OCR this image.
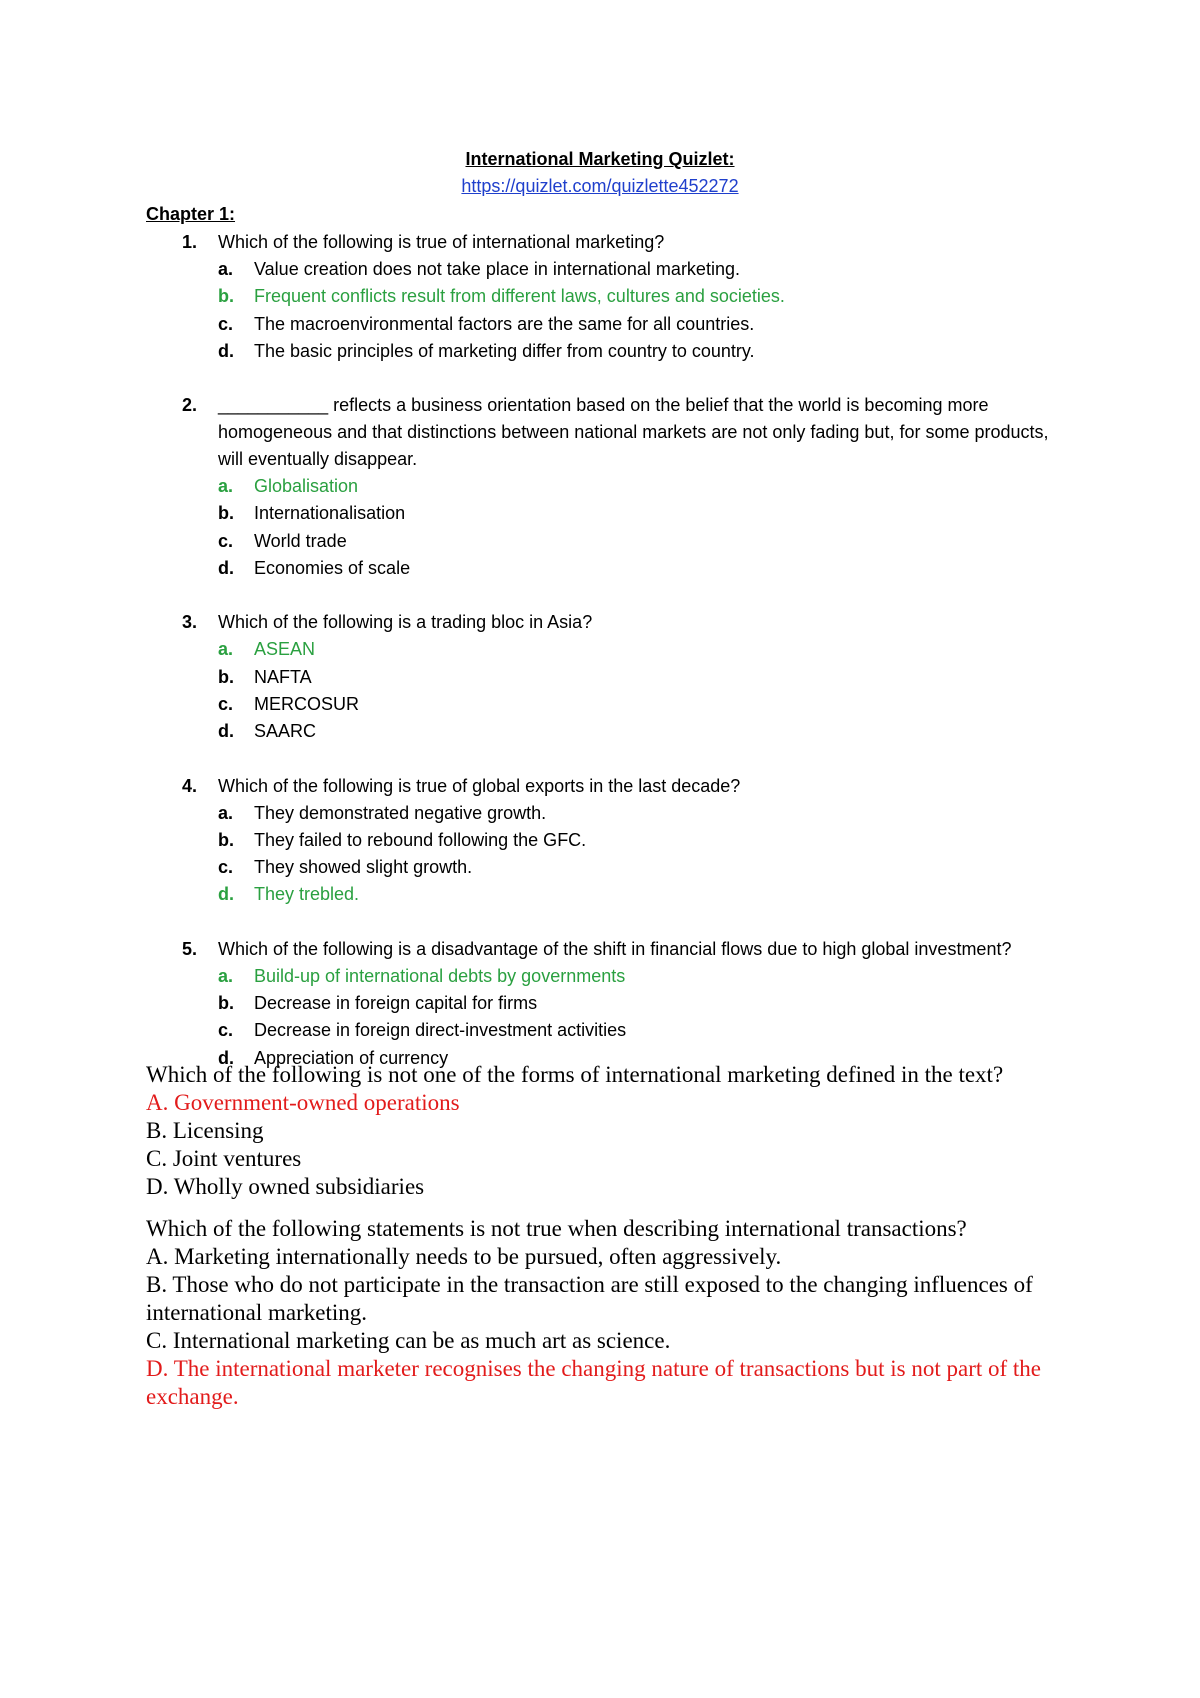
International Marketing Quizlet:
https://quizlet.com/quizlette452272
Chapter 1:
1.	Which of the following is true of international marketing?
a.	Value creation does not take place in international marketing.
b.	Frequent conflicts result from different laws, cultures and societies.
c.	The macroenvironmental factors are the same for all countries.
d.	The basic principles of marketing differ from country to country.
2.	___________ reflects a business orientation based on the belief that the world is becoming more homogeneous and that distinctions between national markets are not only fading but, for some products, will eventually disappear.
a.	Globalisation
b.	Internationalisation
c.	World trade
d.	Economies of scale
3.	Which of the following is a trading bloc in Asia?
a.	ASEAN
b.	NAFTA
c.	MERCOSUR
d.	SAARC
4.	Which of the following is true of global exports in the last decade?
a.	They demonstrated negative growth.
b.	They failed to rebound following the GFC.
c.	They showed slight growth.
d.	They trebled.
5.	Which of the following is a disadvantage of the shift in financial flows due to high global investment?
a.	Build-up of international debts by governments
b.	Decrease in foreign capital for firms
c.	Decrease in foreign direct-investment activities
d.	Appreciation of currency
Which of the following is not one of the forms of international marketing defined in the text?
A. Government-owned operations
B. Licensing
C. Joint ventures
D. Wholly owned subsidiaries
Which of the following statements is not true when describing international transactions?
A. Marketing internationally needs to be pursued, often aggressively.
B. Those who do not participate in the transaction are still exposed to the changing influences of international marketing.
C. International marketing can be as much art as science.
D. The international marketer recognises the changing nature of transactions but is not part of the exchange.
